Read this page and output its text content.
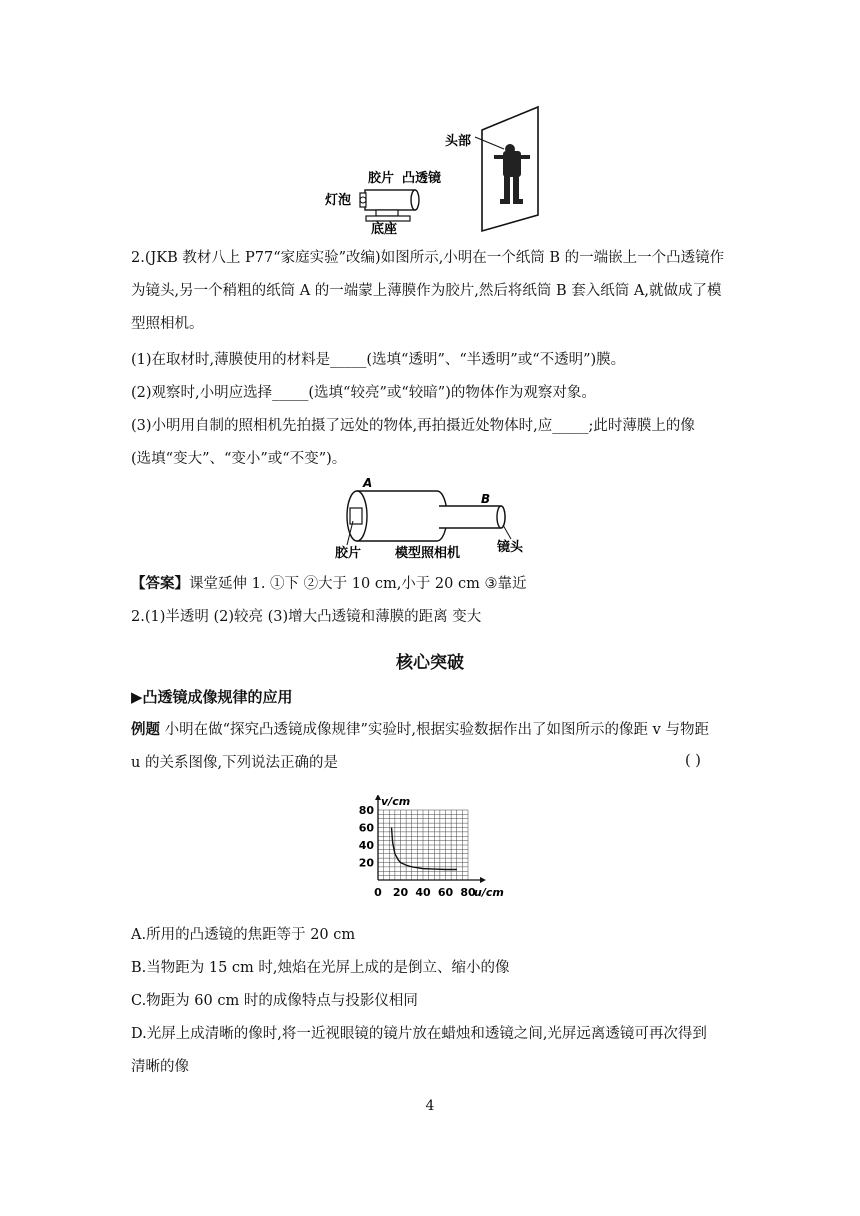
头部
胶片 凸透镜
灯泡
底座
2.(JKB 教材八上 P77“家庭实验”改编)如图所示,小明在一个纸筒 B 的一端嵌上一个凸透镜作
为镜头,另一个稍粗的纸筒 A 的一端蒙上薄膜作为胶片,然后将纸筒 B 套入纸筒 A,就做成了模
型照相机。
(1)在取材时,薄膜使用的材料是_____(选填“透明”、“半透明”或“不透明”)膜。
(2)观察时,小明应选择_____(选填“较亮”或“较暗”)的物体作为观察对象。
(3)小明用自制的照相机先拍摄了远处的物体,再拍摄近处物体时,应_____;此时薄膜上的像
(选填“变大”、“变小”或“不变”)。
A
B
胶片	模型照相机	镜头
【答案】课堂延伸 1. ①下 ②大于 10 cm,小于 20 cm ③靠近
2.(1)半透明 (2)较亮 (3)增大凸透镜和薄膜的距离 变大
核心突破
▶凸透镜成像规律的应用
例题 小明在做“探究凸透镜成像规律”实验时,根据实验数据作出了如图所示的像距 v 与物距
u 的关系图像,下列说法正确的是	( )
0 20 40 60 80
20
40
60
80
u/cm
v/cm
A.所用的凸透镜的焦距等于 20 cm
B.当物距为 15 cm 时,烛焰在光屏上成的是倒立、缩小的像
C.物距为 60 cm 时的成像特点与投影仪相同
D.光屏上成清晰的像时,将一近视眼镜的镜片放在蜡烛和透镜之间,光屏远离透镜可再次得到
清晰的像
4
